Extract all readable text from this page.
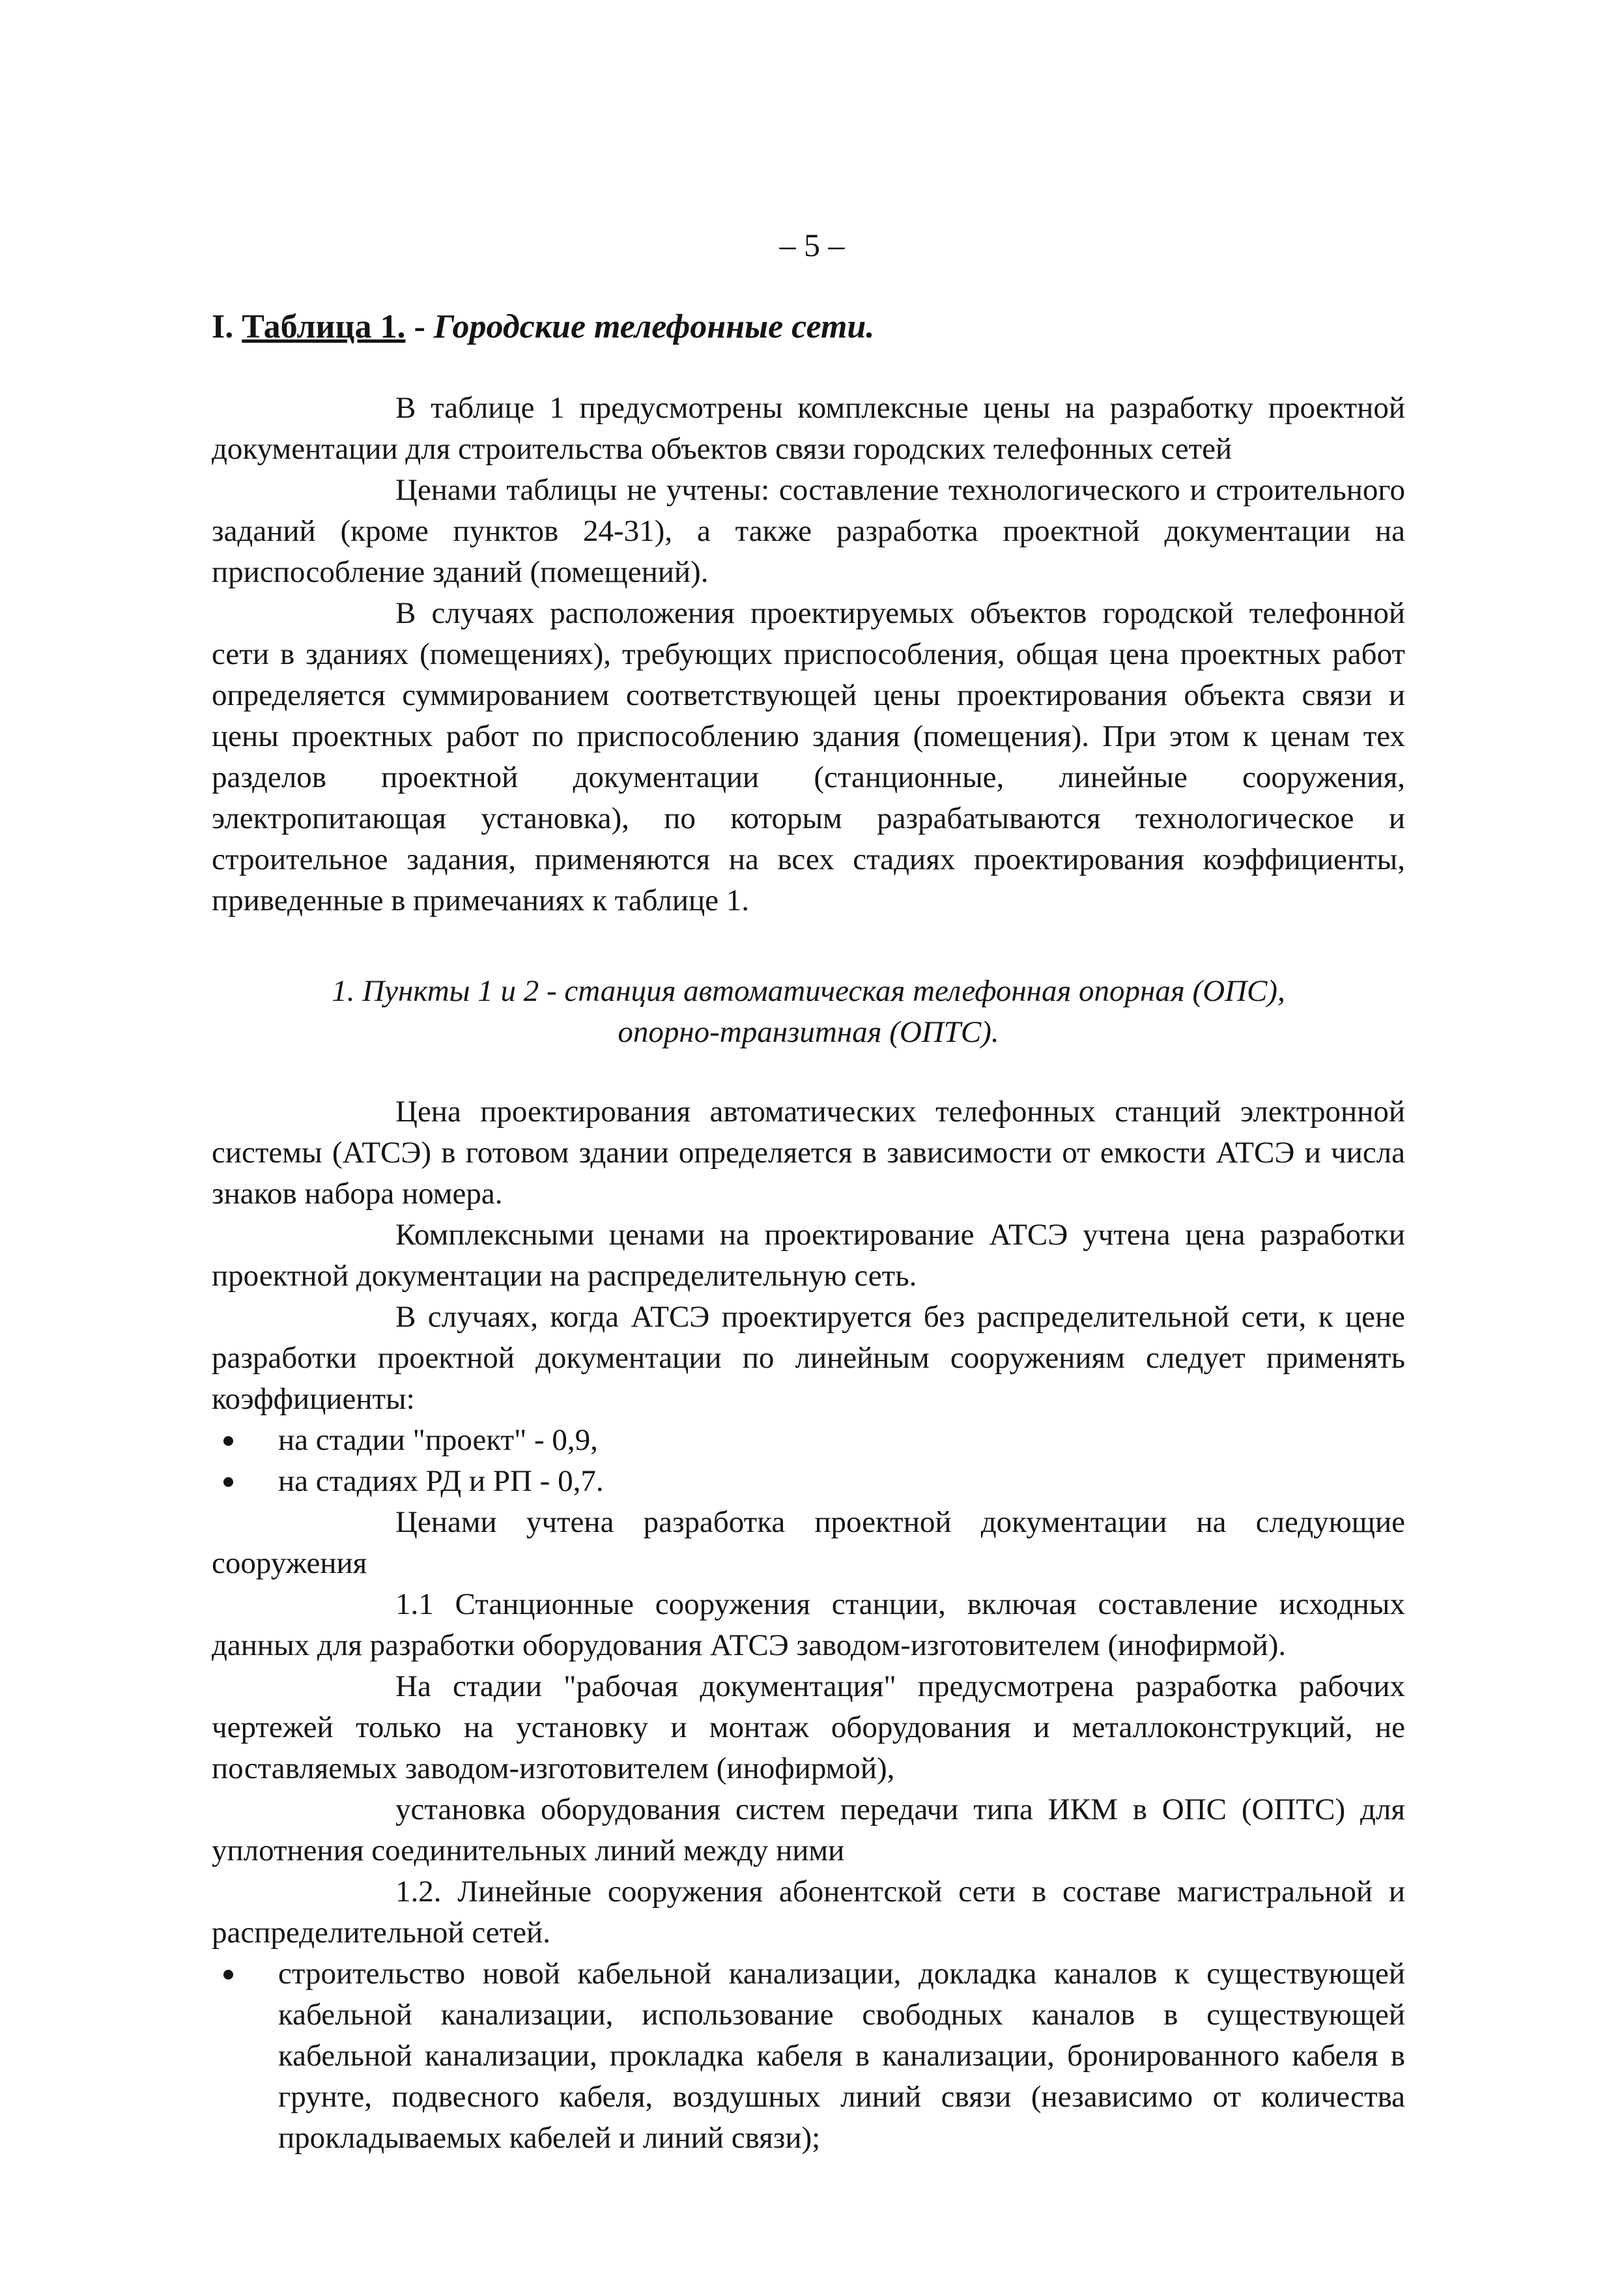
– 5 –
I. Таблица 1. - Городские телефонные сети.

В таблице 1 предусмотрены комплексные цены на разработку проектной документации для строительства объектов связи городских телефонных сетей

Ценами таблицы не учтены: составление технологического и строительного заданий (кроме пунктов 24-31), а также разработка проектной документации на приспособление зданий (помещений).

В случаях расположения проектируемых объектов городской телефонной сети в зданиях (помещениях), требующих приспособления, общая цена проектных работ определяется суммированием соответствующей цены проектирования объекта связи и цены проектных работ по приспособлению здания (помещения). При этом к ценам тех разделов проектной документации (станционные, линейные сооружения, электропитающая установка), по которым разрабатываются технологическое и строительное задания, применяются на всех стадиях проектирования коэффициенты, приведенные в примечаниях к таблице 1.

1. Пункты 1 и 2 - станция автоматическая телефонная опорная (ОПС),
опорно-транзитная (ОПТС).

Цена проектирования автоматических телефонных станций электронной системы (АТСЭ) в готовом здании определяется в зависимости от емкости АТСЭ и числа знаков набора номера.

Комплексными ценами на проектирование АТСЭ учтена цена разработки проектной документации на распределительную сеть.

В случаях, когда АТСЭ проектируется без распределительной сети, к цене разработки проектной документации по линейным сооружениям следует применять коэффициенты:

на стадии "проект" - 0,9,
на стадиях РД и РП - 0,7.

Ценами учтена разработка проектной документации на следующие сооружения

1.1 Станционные сооружения станции, включая составление исходных данных для разработки оборудования АТСЭ заводом-изготовителем (инофирмой).

На стадии "рабочая документация" предусмотрена разработка рабочих чертежей только на установку и монтаж оборудования и металлоконструкций, не поставляемых заводом-изготовителем (инофирмой),

установка оборудования систем передачи типа ИКМ в ОПС (ОПТС) для уплотнения соединительных линий между ними

1.2. Линейные сооружения абонентской сети в составе магистральной и распределительной сетей.

строительство новой кабельной канализации, докладка каналов к существующей кабельной канализации, использование свободных каналов в существующей кабельной канализации, прокладка кабеля в канализации, бронированного кабеля в грунте, подвесного кабеля, воздушных линий связи (независимо от количества прокладываемых кабелей и линий связи);
